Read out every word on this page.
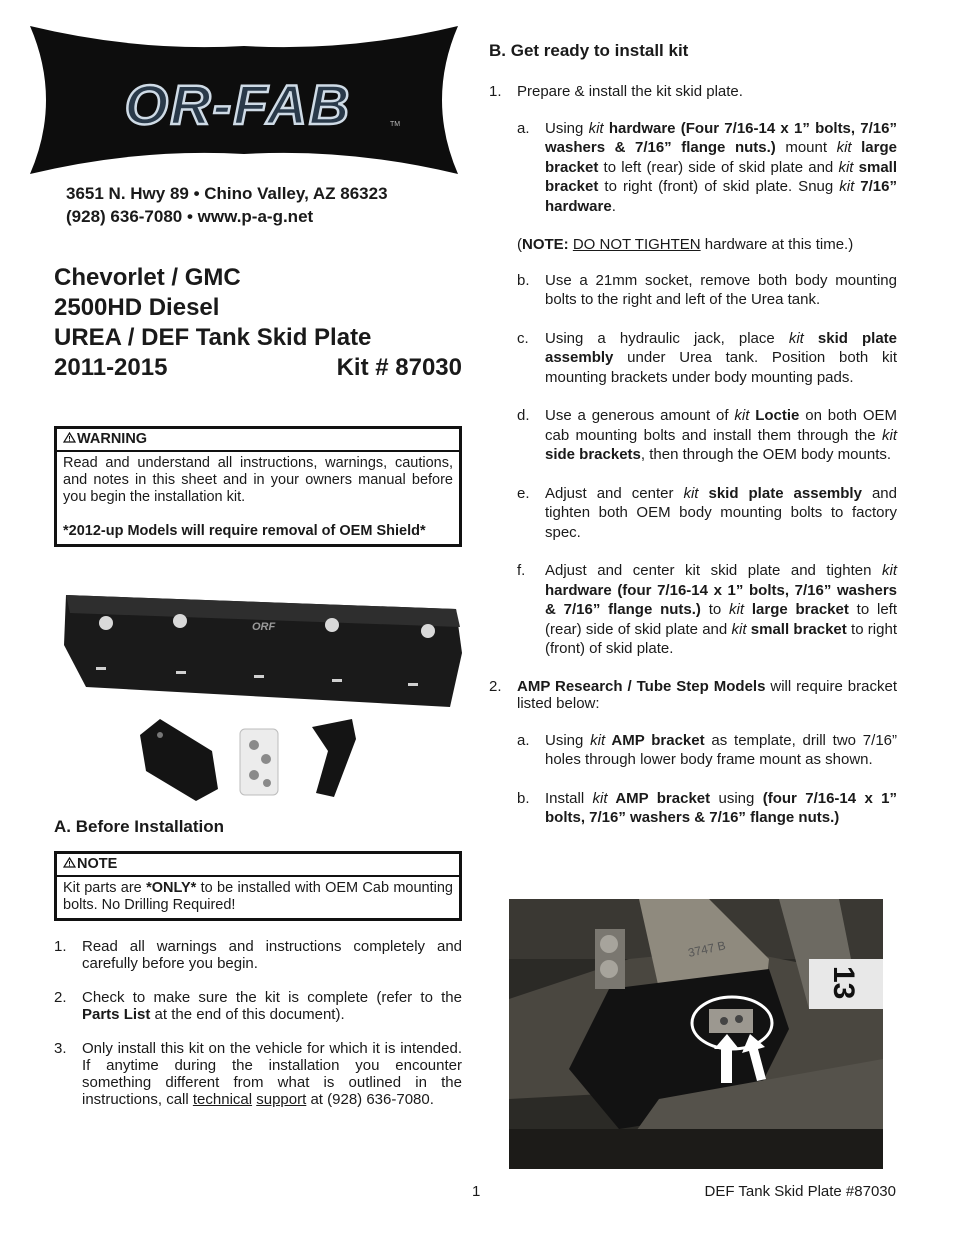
OR-FAB	TM
3651 N. Hwy 89 • Chino Valley, AZ 86323
(928) 636-7080 • www.p-a-g.net
Chevorlet / GMC
2500HD Diesel
UREA / DEF Tank Skid Plate
2011-2015	Kit # 87030
WARNING
Read and understand all instructions, warnings, cautions, and notes in this sheet and in your owners manual before you begin the installation kit.
*2012-up Models will require removal of OEM Shield*
ORF
A. Before Installation
NOTE
Kit parts are *ONLY* to be installed with OEM Cab mounting bolts. No Drilling Required!
1.	Read all warnings and instructions completely and carefully before you begin.
2.	Check to make sure the kit is complete (refer to the Parts List at the end of this document).
3.	Only install this kit on the vehicle for which it is intended. If anytime during the installation you encounter something different from what is outlined in the instructions, call technical support at (928) 636-7080.
B. Get ready to install kit
1.	Prepare & install the kit skid plate.
a.	Using kit hardware (Four 7/16-14 x 1” bolts, 7/16” washers & 7/16” flange nuts.) mount kit large bracket to left (rear) side of skid plate and kit small bracket to right (front) of skid plate. Snug kit 7/16” hardware.
(NOTE: DO NOT TIGHTEN hardware at this time.)
b.	Use a 21mm socket, remove both body mounting bolts to the right and left of the Urea tank.
c.	Using a hydraulic jack, place kit skid plate assembly under Urea tank. Position both kit mounting brackets under body mounting pads.
d.	Use a generous amount of kit Loctie on both OEM cab mounting bolts and install them through the kit side brackets, then through the OEM body mounts.
e.	Adjust and center kit skid plate assembly and tighten both OEM body mounting bolts to factory spec.
f.	Adjust and center kit skid plate and tighten kit hardware (four 7/16-14 x 1” bolts, 7/16” washers & 7/16” flange nuts.) to kit large bracket to left (rear) side of skid plate and kit small bracket to right (front) of skid plate.
2.	AMP Research / Tube Step Models will require bracket listed below:
a.	Using kit AMP bracket as template, drill two 7/16” holes through lower body frame mount as shown.
b.	Install kit AMP bracket using (four 7/16-14 x 1” bolts, 7/16” washers & 7/16” flange nuts.)
3747 B
13
1	DEF Tank Skid Plate #87030
